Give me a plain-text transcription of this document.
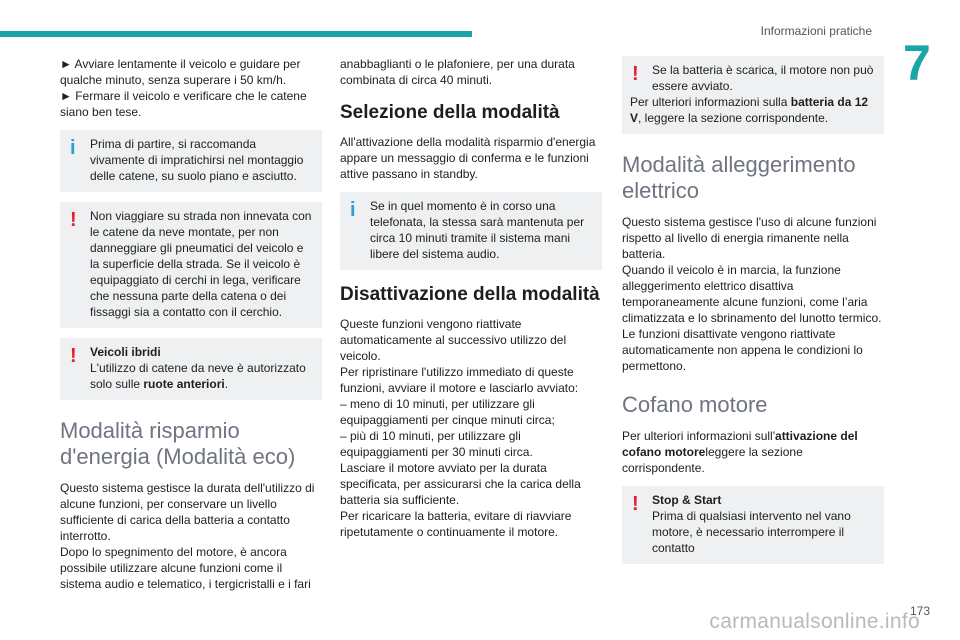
Informazioni pratiche
7

► Avviare lentamente il veicolo e guidare per qualche minuto, senza superare i 50 km/h.

► Fermare il veicolo e verificare che le catene siano ben tese.

i Prima di partire, si raccomanda vivamente di impratichirsi nel montaggio delle catene, su suolo piano e asciutto.

! Non viaggiare su strada non innevata con le catene da neve montate, per non danneggiare gli pneumatici del veicolo e la superficie della strada. Se il veicolo è equipaggiato di cerchi in lega, verificare che nessuna parte della catena o dei fissaggi sia a contatto con il cerchio.

! Veicoli ibridi

L'utilizzo di catene da neve è autorizzato solo sulle ruote anteriori.

Modalità risparmio d'energia (Modalità eco)

Questo sistema gestisce la durata dell'utilizzo di alcune funzioni, per conservare un livello sufficiente di carica della batteria a contatto interrotto.

Dopo lo spegnimento del motore, è ancora possibile utilizzare alcune funzioni come il sistema audio e telematico, i tergicristalli e i fari

anabbaglianti o le plafoniere, per una durata combinata di circa 40 minuti.

Selezione della modalità

All'attivazione della modalità risparmio d'energia appare un messaggio di conferma e le funzioni attive passano in standby.

i Se in quel momento è in corso una telefonata, la stessa sarà mantenuta per circa 10 minuti tramite il sistema mani libere del sistema audio.

Disattivazione della modalità

Queste funzioni vengono riattivate automaticamente al successivo utilizzo del veicolo.

Per ripristinare l'utilizzo immediato di queste funzioni, avviare il motore e lasciarlo avviato:

– meno di 10 minuti, per utilizzare gli equipaggiamenti per cinque minuti circa;

– più di 10 minuti, per utilizzare gli equipaggiamenti per 30 minuti circa.

Lasciare il motore avviato per la durata specificata, per assicurarsi che la carica della batteria sia sufficiente.

Per ricaricare la batteria, evitare di riavviare ripetutamente o continuamente il motore.

! Se la batteria è scarica, il motore non può essere avviato.

Per ulteriori informazioni sulla batteria da 12 V, leggere la sezione corrispondente.

Modalità alleggerimento elettrico

Questo sistema gestisce l'uso di alcune funzioni rispetto al livello di energia rimanente nella batteria.

Quando il veicolo è in marcia, la funzione alleggerimento elettrico disattiva temporaneamente alcune funzioni, come l’aria climatizzata e lo sbrinamento del lunotto termico.

Le funzioni disattivate vengono riattivate automaticamente non appena le condizioni lo permettono.

Cofano motore

Per ulteriori informazioni sull'attivazione del cofano motoreleggere la sezione corrispondente.

! Stop & Start

Prima di qualsiasi intervento nel vano motore, è necessario interrompere il contatto

carmanualsonline.info
173
